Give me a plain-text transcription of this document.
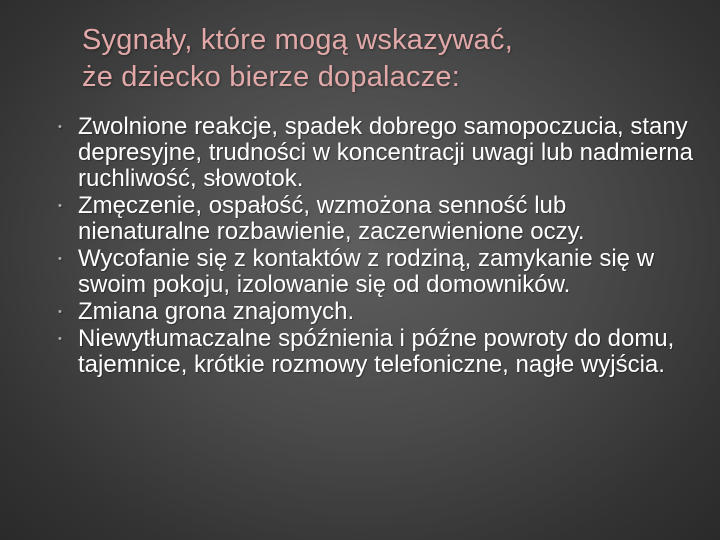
Sygnały, które mogą wskazywać,
że dziecko bierze dopalacze:
• Zwolnione reakcje, spadek dobrego samopoczucia, stany depresyjne, trudności w koncentracji uwagi lub nadmierna ruchliwość, słowotok.
• Zmęczenie, ospałość, wzmożona senność lub nienaturalne rozbawienie, zaczerwienione oczy.
• Wycofanie się z kontaktów z rodziną, zamykanie się w swoim pokoju, izolowanie się od domowników.
• Zmiana grona znajomych.
• Niewytłumaczalne spóźnienia i późne powroty do domu, tajemnice, krótkie rozmowy telefoniczne, nagłe wyjścia.
